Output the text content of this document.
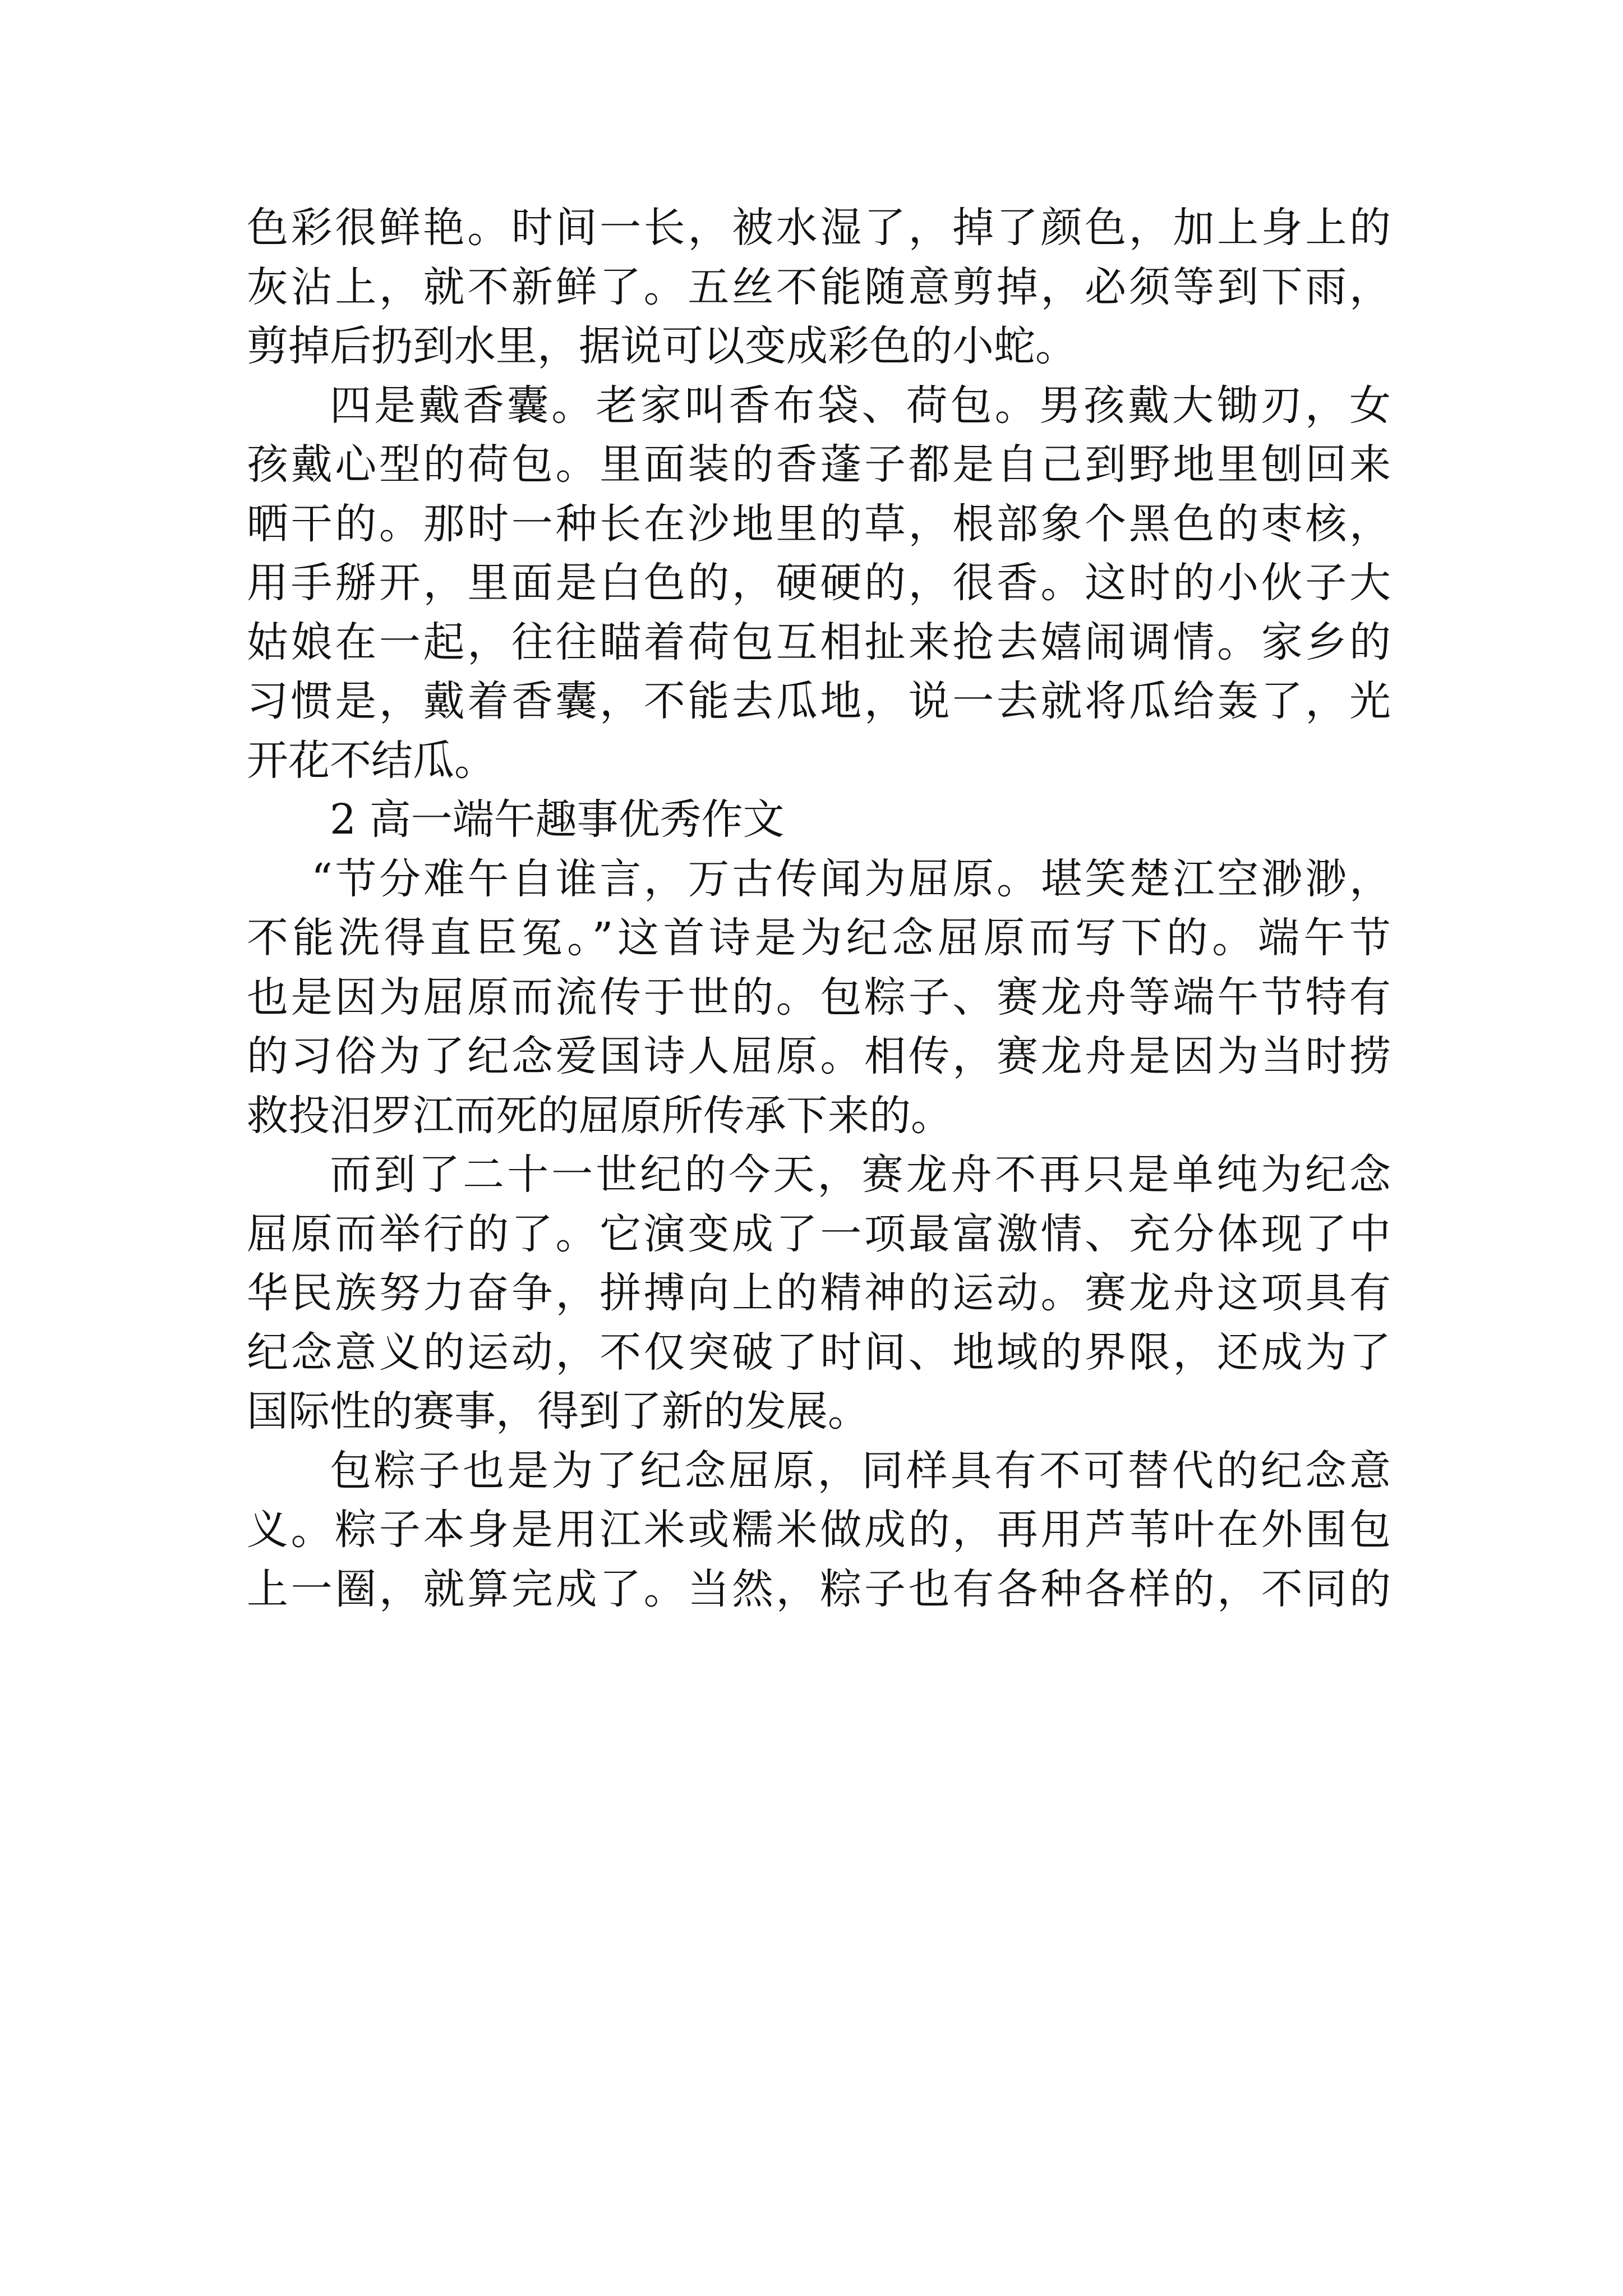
色彩很鲜艳。时间一长，被水湿了，掉了颜色，加上身上的
灰沾上，就不新鲜了。五丝不能随意剪掉，必须等到下雨，
剪掉后扔到水里，据说可以变成彩色的小蛇。
四是戴香囊。老家叫香布袋、荷包。男孩戴大锄刃，女
孩戴心型的荷包。里面装的香蓬子都是自己到野地里刨回来
晒干的。那时一种长在沙地里的草，根部象个黑色的枣核，
用手掰开，里面是白色的，硬硬的，很香。这时的小伙子大
姑娘在一起，往往瞄着荷包互相扯来抢去嬉闹调情。家乡的
习惯是，戴着香囊，不能去瓜地，说一去就将瓜给轰了，光
开花不结瓜。
2 高一端午趣事优秀作文
“节分难午自谁言，万古传闻为屈原。堪笑楚江空渺渺，
不能洗得直臣冤。”这首诗是为纪念屈原而写下的。端午节
也是因为屈原而流传于世的。包粽子、赛龙舟等端午节特有
的习俗为了纪念爱国诗人屈原。相传，赛龙舟是因为当时捞
救投汨罗江而死的屈原所传承下来的。
而到了二十一世纪的今天，赛龙舟不再只是单纯为纪念
屈原而举行的了。它演变成了一项最富激情、充分体现了中
华民族努力奋争，拼搏向上的精神的运动。赛龙舟这项具有
纪念意义的运动，不仅突破了时间、地域的界限，还成为了
国际性的赛事，得到了新的发展。
包粽子也是为了纪念屈原，同样具有不可替代的纪念意
义。粽子本身是用江米或糯米做成的，再用芦苇叶在外围包
上一圈，就算完成了。当然，粽子也有各种各样的，不同的
